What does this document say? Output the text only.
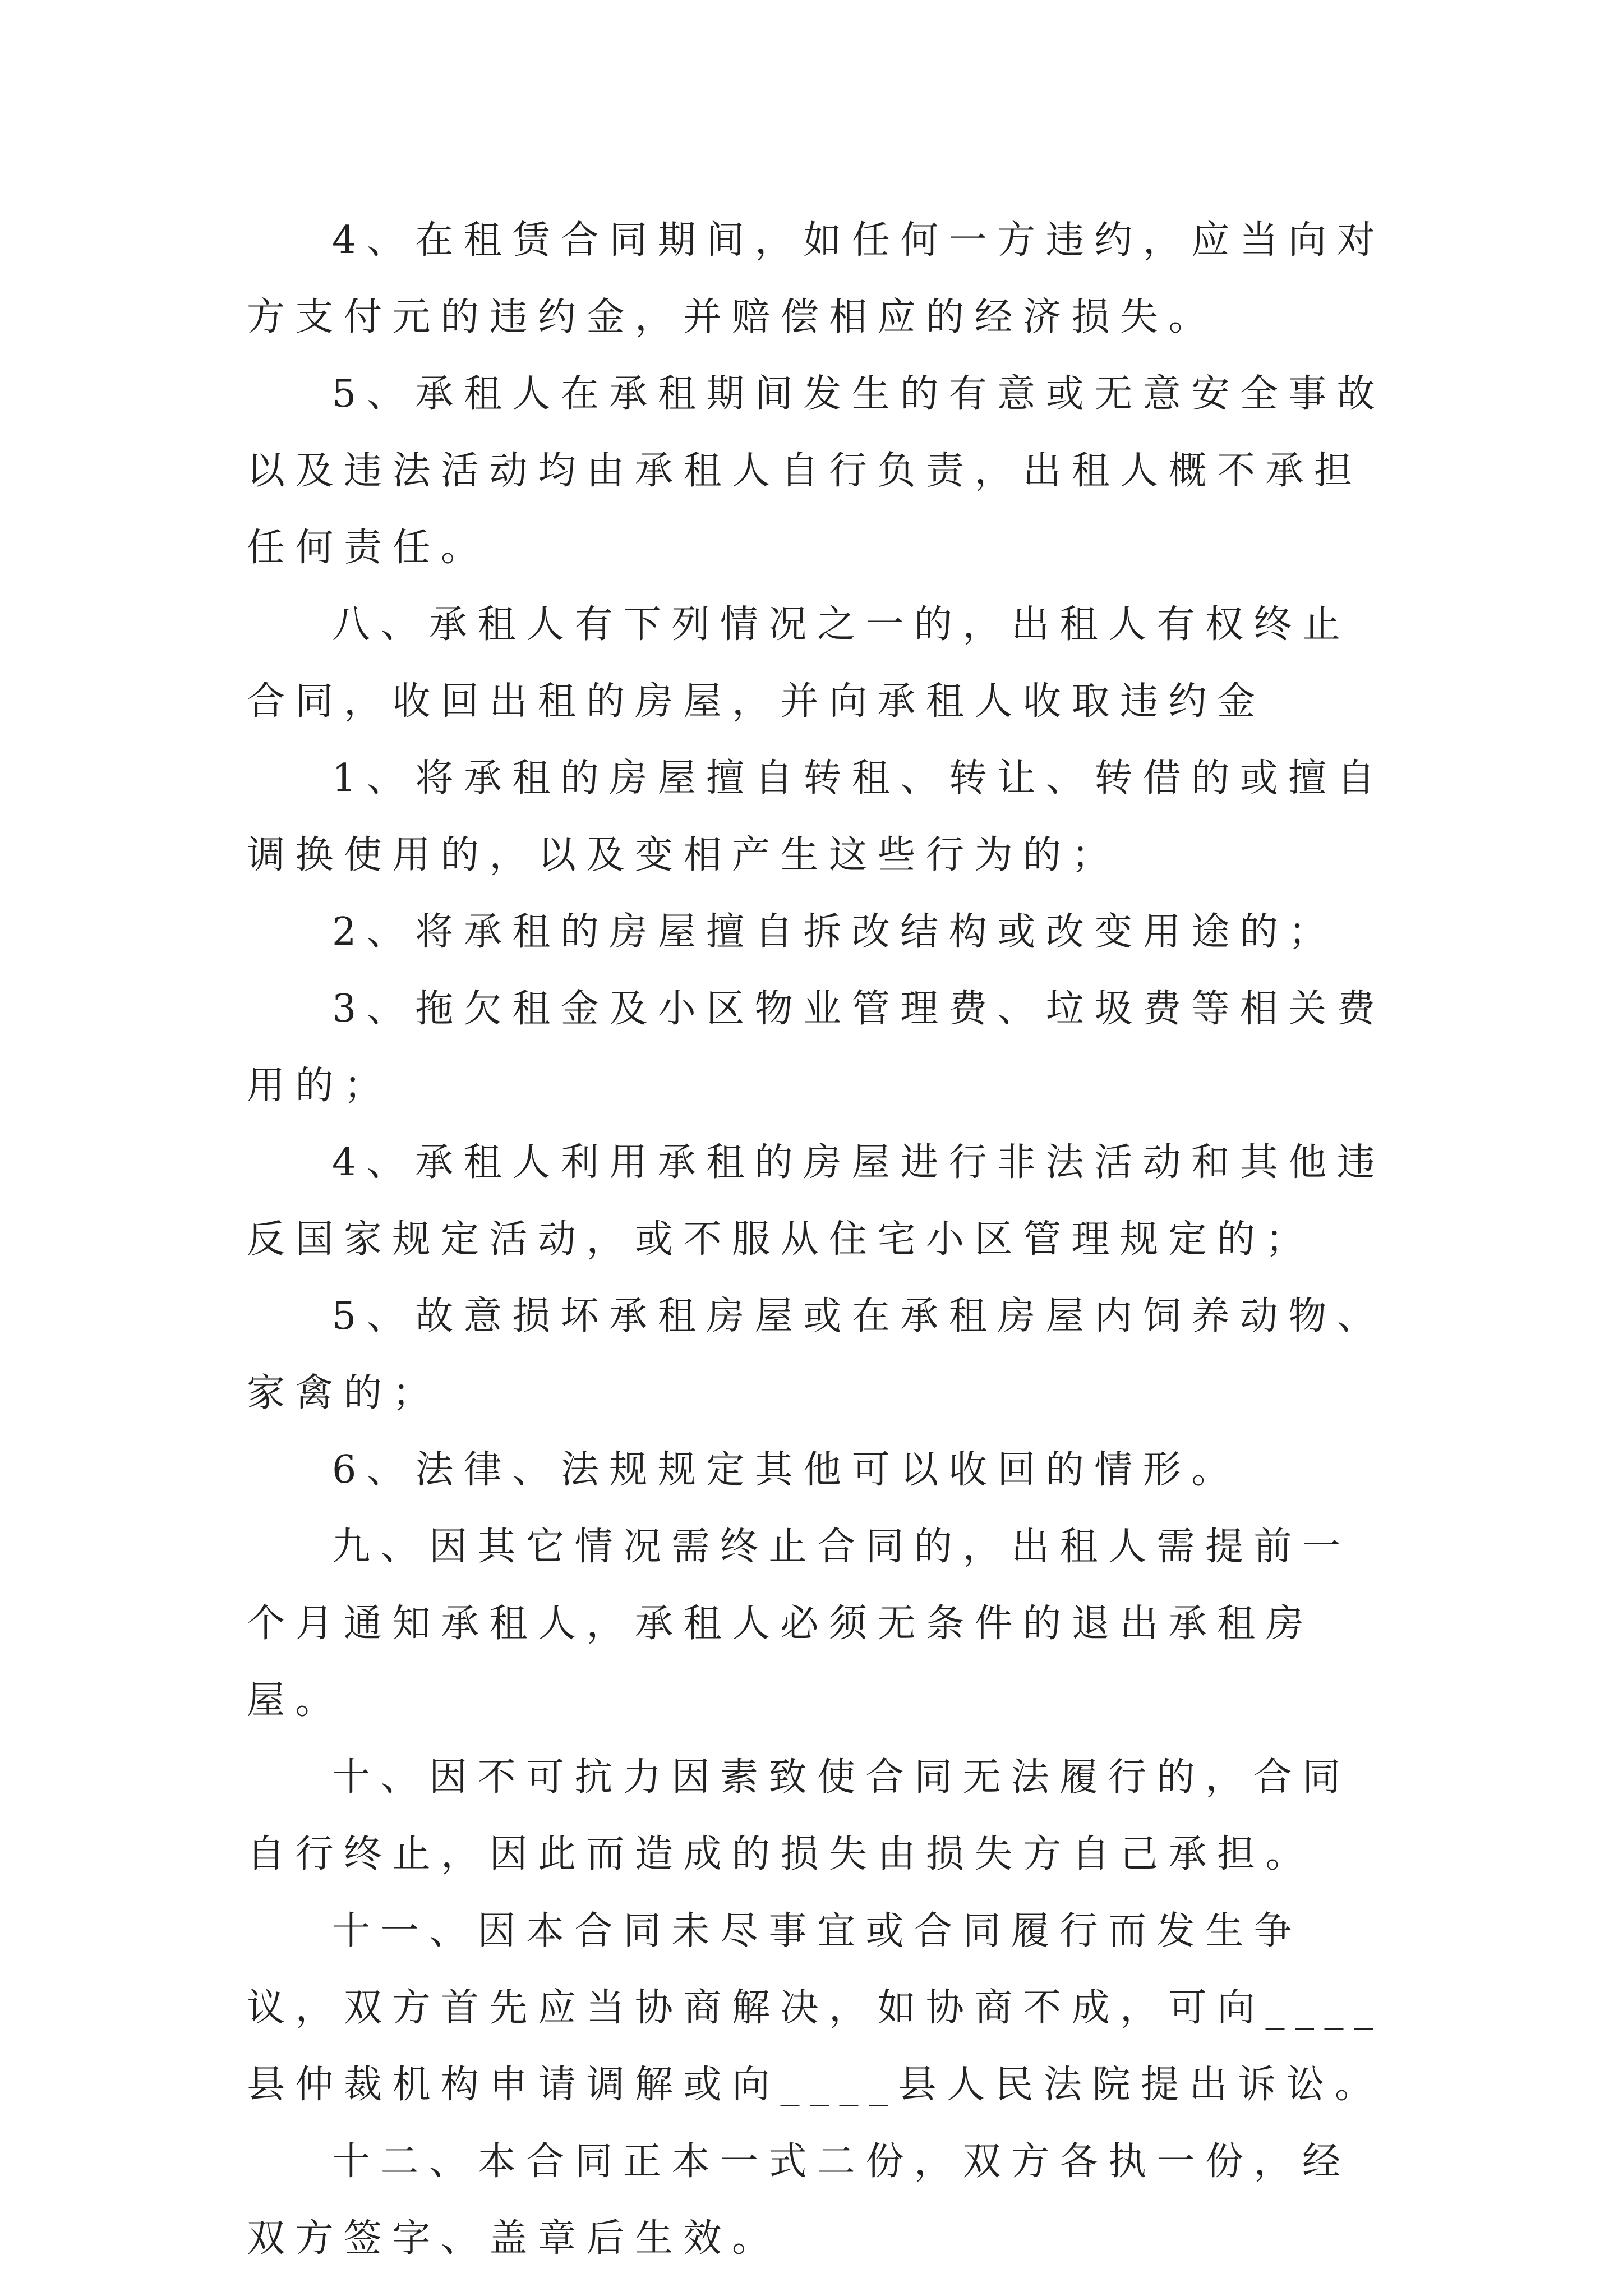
4、在租赁合同期间，如任何一方违约，应当向对方支付元的违约金，并赔偿相应的经济损失。

5、承租人在承租期间发生的有意或无意安全事故以及违法活动均由承租人自行负责，出租人概不承担任何责任。

八、承租人有下列情况之一的，出租人有权终止合同，收回出租的房屋，并向承租人收取违约金

1、将承租的房屋擅自转租、转让、转借的或擅自调换使用的，以及变相产生这些行为的；

2、将承租的房屋擅自拆改结构或改变用途的；

3、拖欠租金及小区物业管理费、垃圾费等相关费用的；

4、承租人利用承租的房屋进行非法活动和其他违反国家规定活动，或不服从住宅小区管理规定的；

5、故意损坏承租房屋或在承租房屋内饲养动物、家禽的；

6、法律、法规规定其他可以收回的情形。

九、因其它情况需终止合同的，出租人需提前一个月通知承租人，承租人必须无条件的退出承租房屋。

十、因不可抗力因素致使合同无法履行的，合同自行终止，因此而造成的损失由损失方自己承担。

十一、因本合同未尽事宜或合同履行而发生争议，双方首先应当协商解决，如协商不成，可向____县仲裁机构申请调解或向____县人民法院提出诉讼。

十二、本合同正本一式二份，双方各执一份，经双方签字、盖章后生效。
